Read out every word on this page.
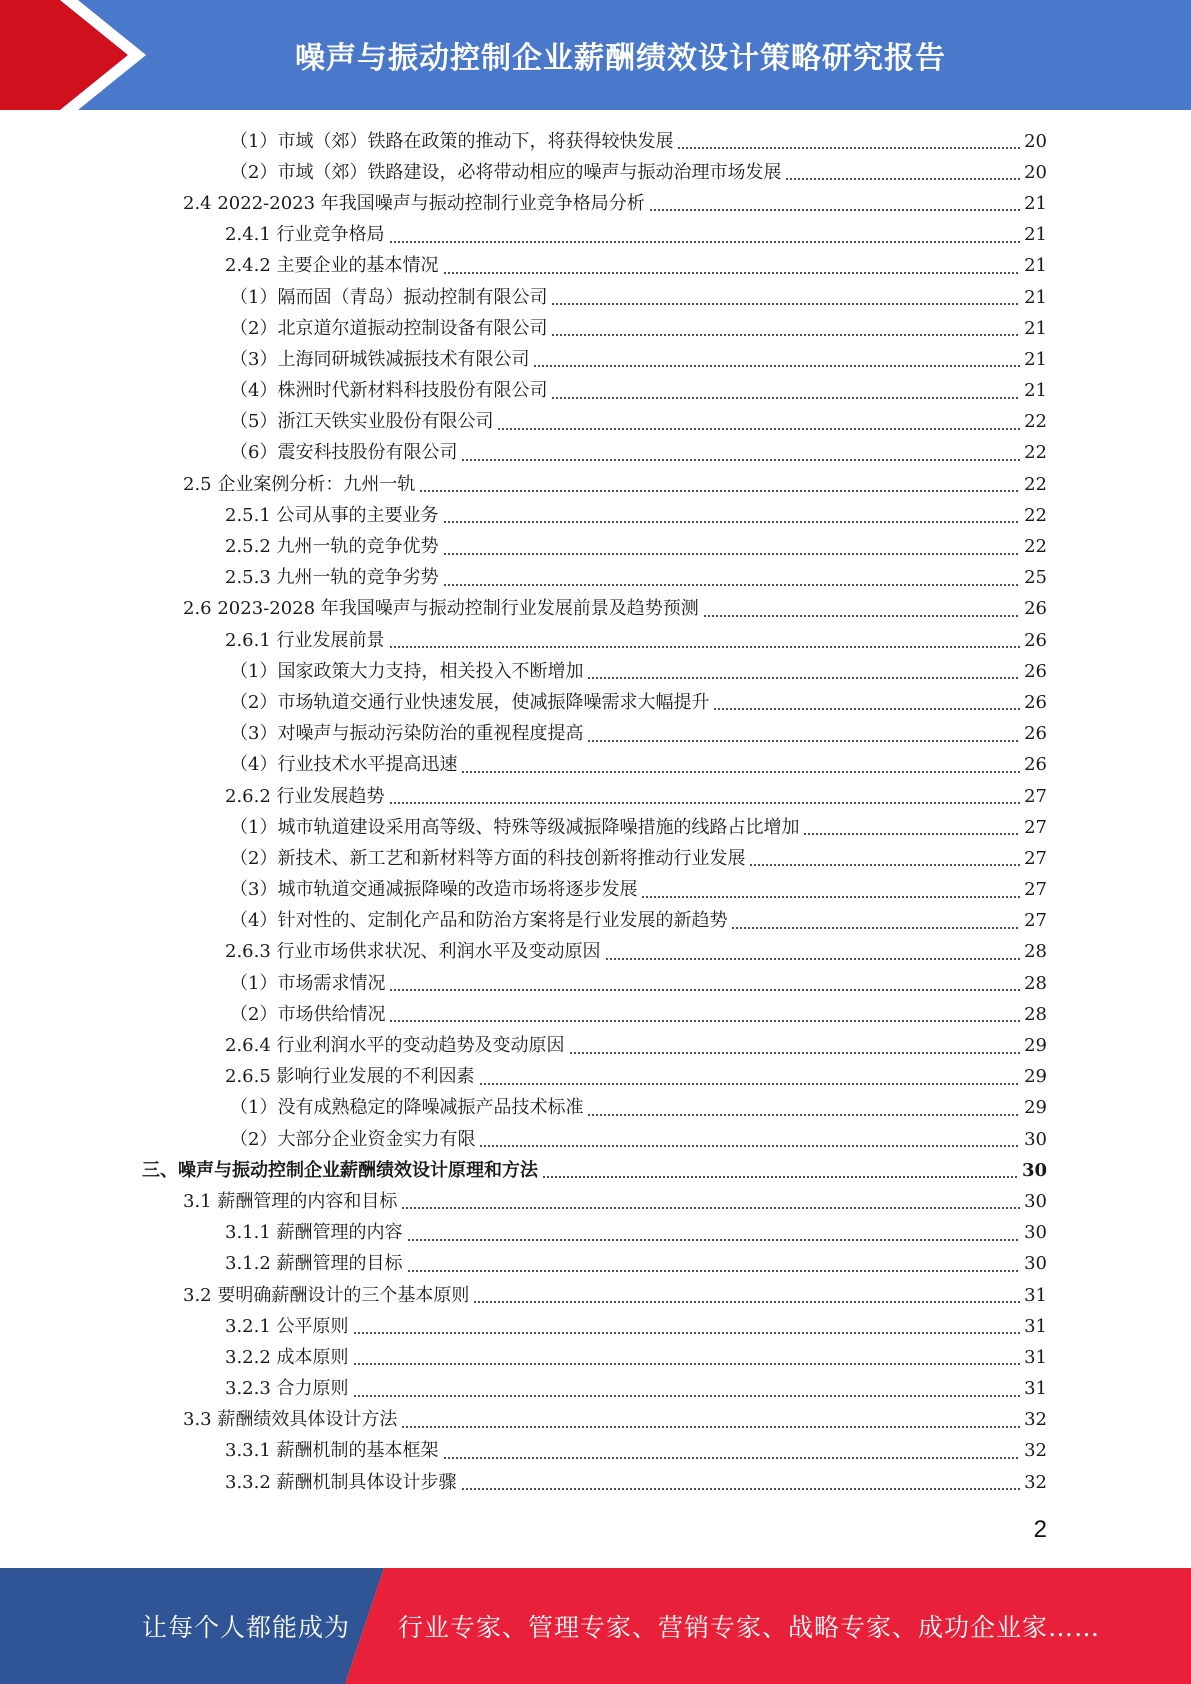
噪声与振动控制企业薪酬绩效设计策略研究报告
（1）市域（郊）铁路在政策的推动下，将获得较快发展	20
（2）市域（郊）铁路建设，必将带动相应的噪声与振动治理市场发展	20
2.4 2022-2023 年我国噪声与振动控制行业竞争格局分析	21
2.4.1 行业竞争格局	21
2.4.2 主要企业的基本情况	21
（1）隔而固（青岛）振动控制有限公司	21
（2）北京道尔道振动控制设备有限公司	21
（3）上海同研城铁减振技术有限公司	21
（4）株洲时代新材料科技股份有限公司	21
（5）浙江天铁实业股份有限公司	22
（6）震安科技股份有限公司	22
2.5 企业案例分析：九州一轨	22
2.5.1 公司从事的主要业务	22
2.5.2 九州一轨的竞争优势	22
2.5.3 九州一轨的竞争劣势	25
2.6 2023-2028 年我国噪声与振动控制行业发展前景及趋势预测	26
2.6.1 行业发展前景	26
（1）国家政策大力支持，相关投入不断增加	26
（2）市场轨道交通行业快速发展，使减振降噪需求大幅提升	26
（3）对噪声与振动污染防治的重视程度提高	26
（4）行业技术水平提高迅速	26
2.6.2 行业发展趋势	27
（1）城市轨道建设采用高等级、特殊等级减振降噪措施的线路占比增加	27
（2）新技术、新工艺和新材料等方面的科技创新将推动行业发展	27
（3）城市轨道交通减振降噪的改造市场将逐步发展	27
（4）针对性的、定制化产品和防治方案将是行业发展的新趋势	27
2.6.3 行业市场供求状况、利润水平及变动原因	28
（1）市场需求情况	28
（2）市场供给情况	28
2.6.4 行业利润水平的变动趋势及变动原因	29
2.6.5 影响行业发展的不利因素	29
（1）没有成熟稳定的降噪减振产品技术标准	29
（2）大部分企业资金实力有限	30
三、噪声与振动控制企业薪酬绩效设计原理和方法	30
3.1 薪酬管理的内容和目标	30
3.1.1 薪酬管理的内容	30
3.1.2 薪酬管理的目标	30
3.2 要明确薪酬设计的三个基本原则	31
3.2.1 公平原则	31
3.2.2 成本原则	31
3.2.3 合力原则	31
3.3 薪酬绩效具体设计方法	32
3.3.1 薪酬机制的基本框架	32
3.3.2 薪酬机制具体设计步骤	32
2
让每个人都能成为 行业专家、管理专家、营销专家、战略专家、成功企业家……
